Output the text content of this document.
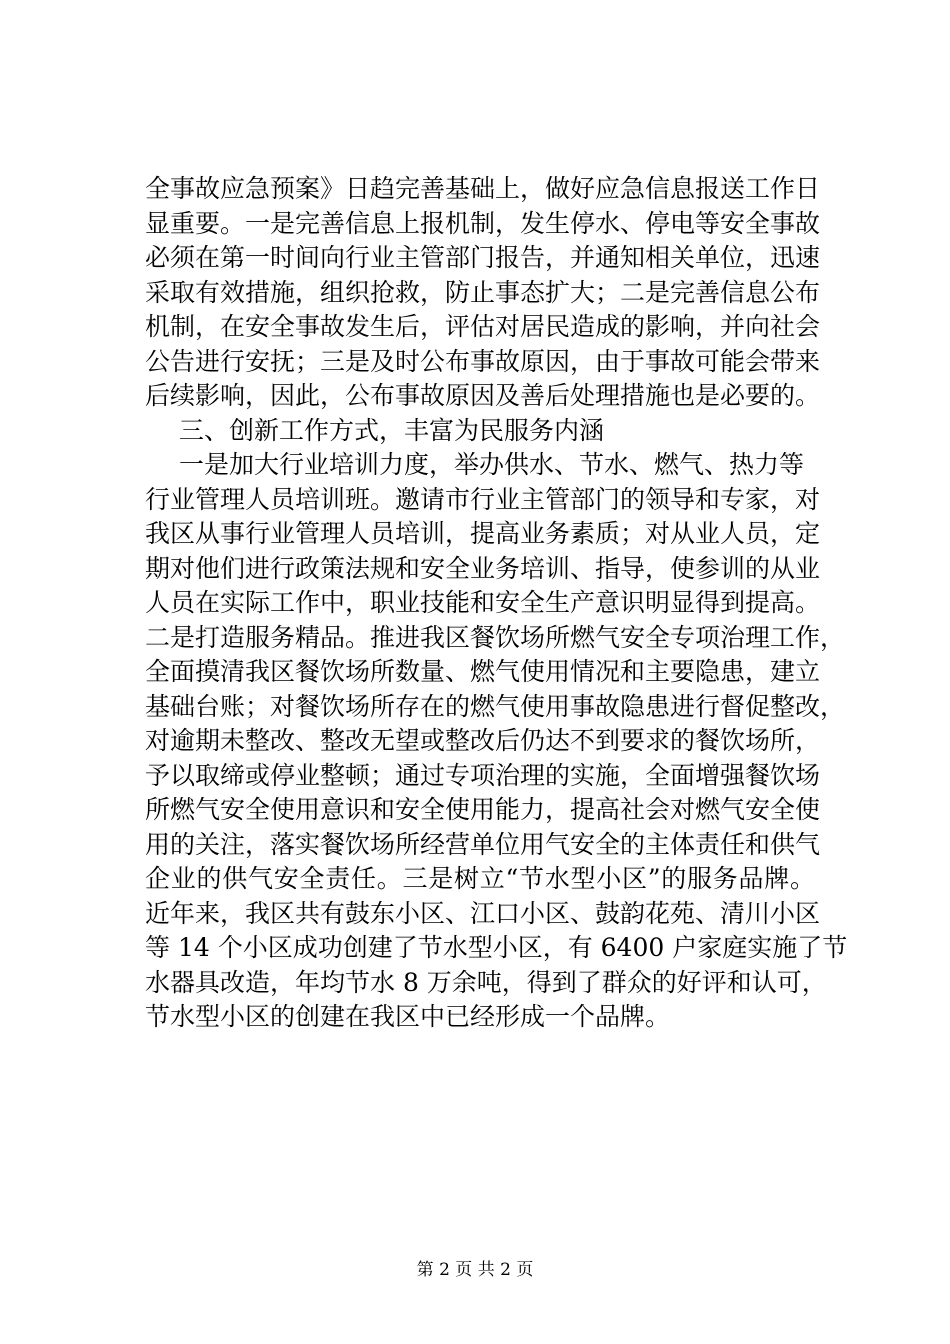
全事故应急预案》日趋完善基础上，做好应急信息报送工作日
显重要。一是完善信息上报机制，发生停水、停电等安全事故
必须在第一时间向行业主管部门报告，并通知相关单位，迅速
采取有效措施，组织抢救，防止事态扩大；二是完善信息公布
机制，在安全事故发生后，评估对居民造成的影响，并向社会
公告进行安抚；三是及时公布事故原因，由于事故可能会带来
后续影响，因此，公布事故原因及善后处理措施也是必要的。
三、创新工作方式，丰富为民服务内涵
一是加大行业培训力度，举办供水、节水、燃气、热力等
行业管理人员培训班。邀请市行业主管部门的领导和专家，对
我区从事行业管理人员培训，提高业务素质；对从业人员，定
期对他们进行政策法规和安全业务培训、指导，使参训的从业
人员在实际工作中，职业技能和安全生产意识明显得到提高。
二是打造服务精品。推进我区餐饮场所燃气安全专项治理工作，
全面摸清我区餐饮场所数量、燃气使用情况和主要隐患，建立
基础台账；对餐饮场所存在的燃气使用事故隐患进行督促整改，
对逾期未整改、整改无望或整改后仍达不到要求的餐饮场所，
予以取缔或停业整顿；通过专项治理的实施，全面增强餐饮场
所燃气安全使用意识和安全使用能力，提高社会对燃气安全使
用的关注，落实餐饮场所经营单位用气安全的主体责任和供气
企业的供气安全责任。三是树立“节水型小区”的服务品牌。
近年来，我区共有鼓东小区、江口小区、鼓韵花苑、清川小区
等 14 个小区成功创建了节水型小区，有 6400 户家庭实施了节
水器具改造，年均节水 8 万余吨，得到了群众的好评和认可，
节水型小区的创建在我区中已经形成一个品牌。
第 2 页 共 2 页
